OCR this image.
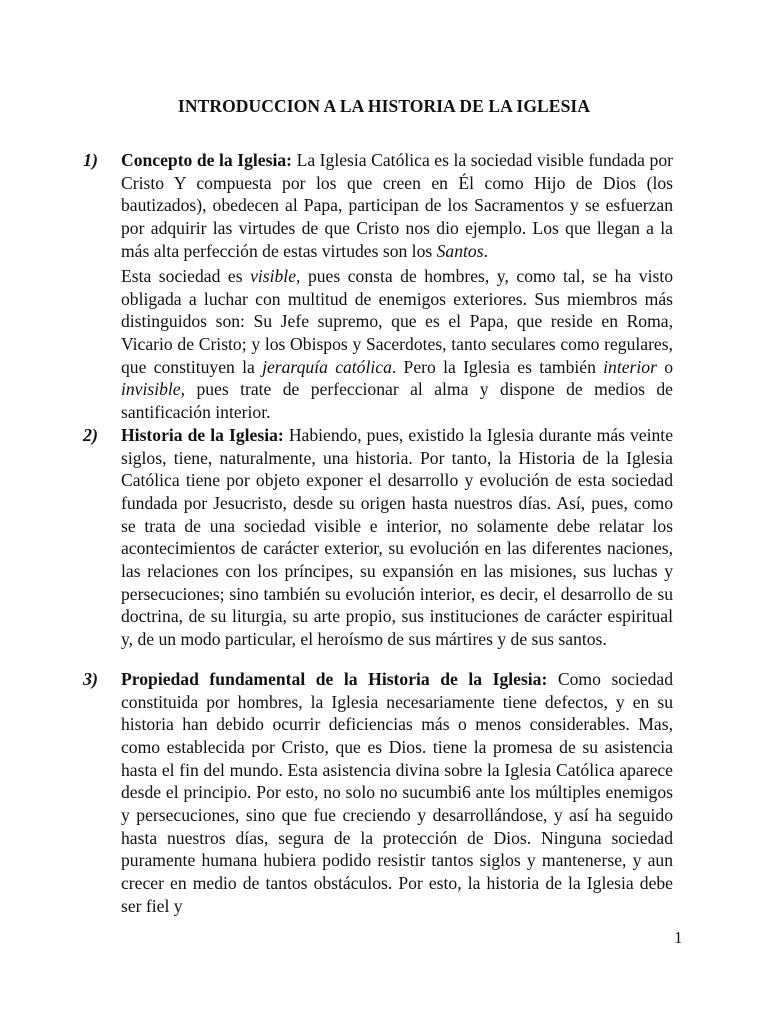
INTRODUCCION A LA HISTORIA DE LA IGLESIA
1) Concepto de la Iglesia: La Iglesia Católica es la sociedad visible fundada por Cristo Y compuesta por los que creen en Él como Hijo de Dios (los bautizados), obedecen al Papa, participan de los Sacramentos y se esfuerzan por adquirir las virtudes de que Cristo nos dio ejemplo. Los que llegan a la más alta perfección de estas virtudes son los Santos.
Esta sociedad es visible, pues consta de hombres, y, como tal, se ha visto obligada a luchar con multitud de enemigos exteriores. Sus miembros más distinguidos son: Su Jefe supremo, que es el Papa, que reside en Roma, Vicario de Cristo; y los Obispos y Sacerdotes, tanto seculares como regulares, que constituyen la jerarquía católica. Pero la Iglesia es también interior o invisible, pues trate de perfeccionar al alma y dispone de medios de santificación interior.
2) Historia de la Iglesia: Habiendo, pues, existido la Iglesia durante más veinte siglos, tiene, naturalmente, una historia. Por tanto, la Historia de la Iglesia Católica tiene por objeto exponer el desarrollo y evolución de esta sociedad fundada por Jesucristo, desde su origen hasta nuestros días. Así, pues, como se trata de una sociedad visible e interior, no solamente debe relatar los acontecimientos de carácter exterior, su evolución en las diferentes naciones, las relaciones con los príncipes, su expansión en las misiones, sus luchas y persecuciones; sino también su evolución interior, es decir, el desarrollo de su doctrina, de su liturgia, su arte propio, sus instituciones de carácter espiritual y, de un modo particular, el heroísmo de sus mártires y de sus santos.
3) Propiedad fundamental de la Historia de la Iglesia: Como sociedad constituida por hombres, la Iglesia necesariamente tiene defectos, y en su historia han debido ocurrir deficiencias más o menos considerables. Mas, como establecida por Cristo, que es Dios. tiene la promesa de su asistencia hasta el fin del mundo. Esta asistencia divina sobre la Iglesia Católica aparece desde el principio. Por esto, no solo no sucumbi6 ante los múltiples enemigos y persecuciones, sino que fue creciendo y desarrollándose, y así ha seguido hasta nuestros días, segura de la protección de Dios. Ninguna sociedad puramente humana hubiera podido resistir tantos siglos y mantenerse, y aun crecer en medio de tantos obstáculos. Por esto, la historia de la Iglesia debe ser fiel y
1
